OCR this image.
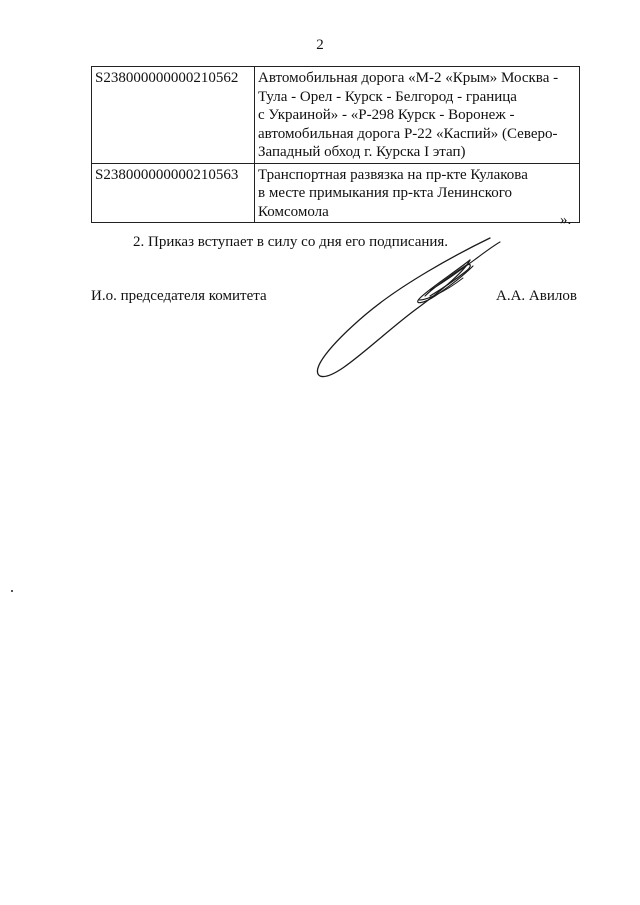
2
S2380000000002105​62	Автомобильная дорога «М-2 «Крым» Москва -
Тула - Орел - Курск - Белгород - граница
с Украиной» - «Р-298 Курск - Воронеж -
автомобильная дорога Р-22 «Каспий» (Северо-
Западный обход г. Курска I этап)
S238000000000210563	Транспортная развязка на пр-кте Кулакова
в месте примыкания пр-кта Ленинского
Комсомола
».
2. Приказ вступает в силу со дня его подписания.
И.о. председателя комитета	А.А. Авилов
